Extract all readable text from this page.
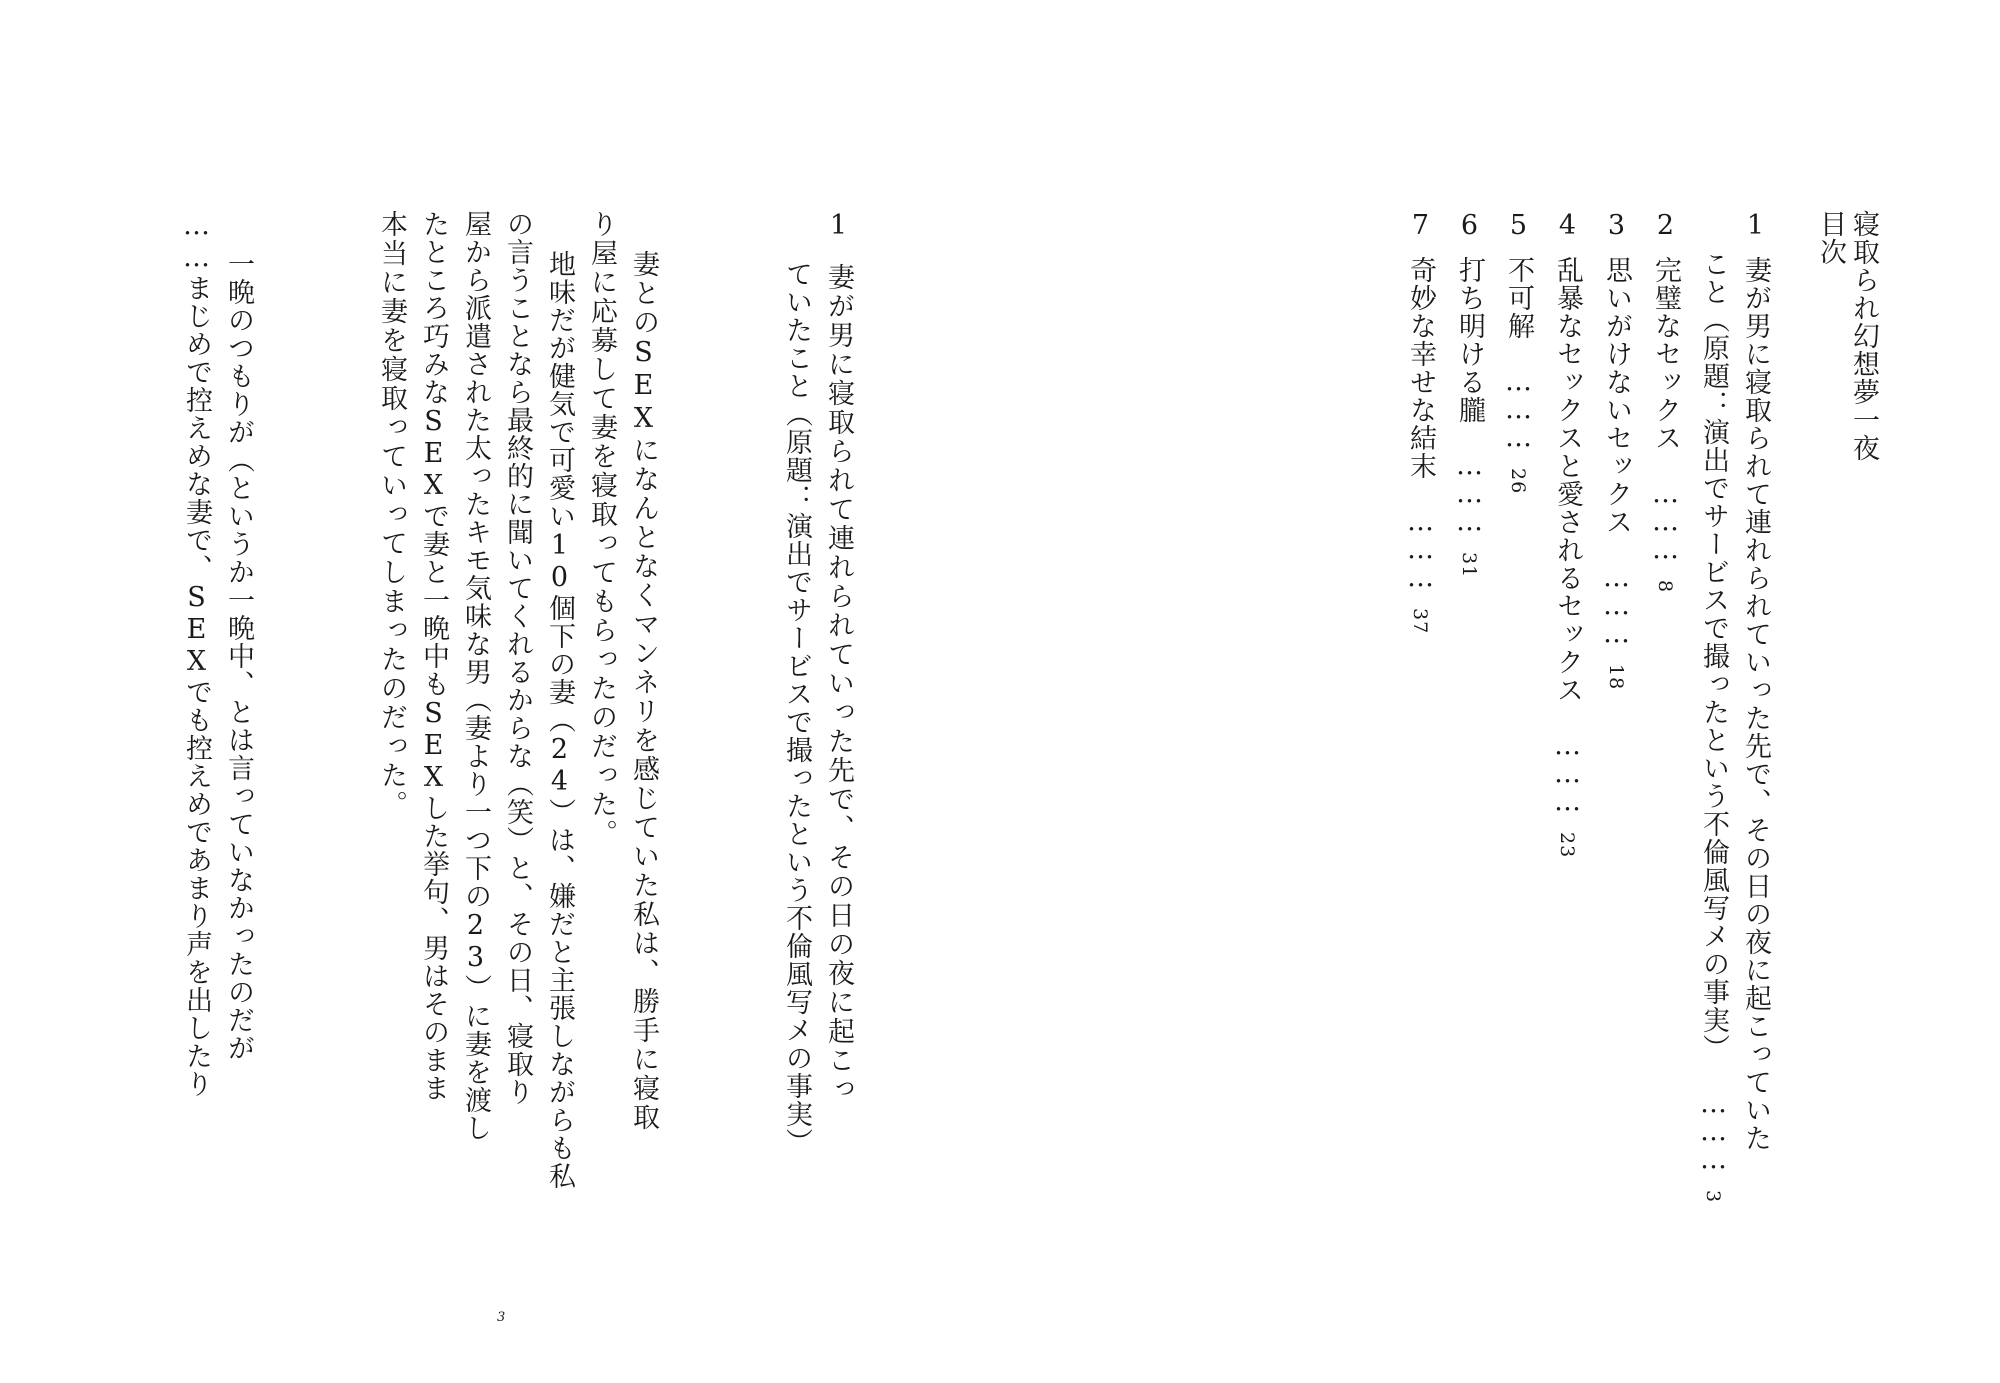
寝取られ幻想夢一夜
目次
1妻が男に寝取られて連れられていった先で、その日の夜に起こっていた
こと（原題：演出でサービスで撮ったという不倫風写メの事実）………3
2完璧なセックス………8
3思いがけないセックス………18
4乱暴なセックスと愛されるセックス………23
5不可解………26
6打ち明ける朧………31
7奇妙な幸せな結末………37
1妻が男に寝取られて連れられていった先で、その日の夜に起こっ
ていたこと（原題：演出でサービスで撮ったという不倫風写メの事実）
妻とのSEXになんとなくマンネリを感じていた私は、勝手に寝取
り屋に応募して妻を寝取ってもらったのだった。
地味だが健気で可愛い10個下の妻（24）は、嫌だと主張しながらも私
の言うことなら最終的に聞いてくれるからな（笑）と、その日、寝取り
屋から派遣された太ったキモ気味な男（妻より一つ下の23）に妻を渡し
たところ巧みなSEXで妻と一晩中もSEXした挙句、男はそのまま
本当に妻を寝取っていってしまったのだった。
一晩のつもりが（というか一晩中、とは言っていなかったのだが
……まじめで控えめな妻で、SEXでも控えめであまり声を出したり
3
